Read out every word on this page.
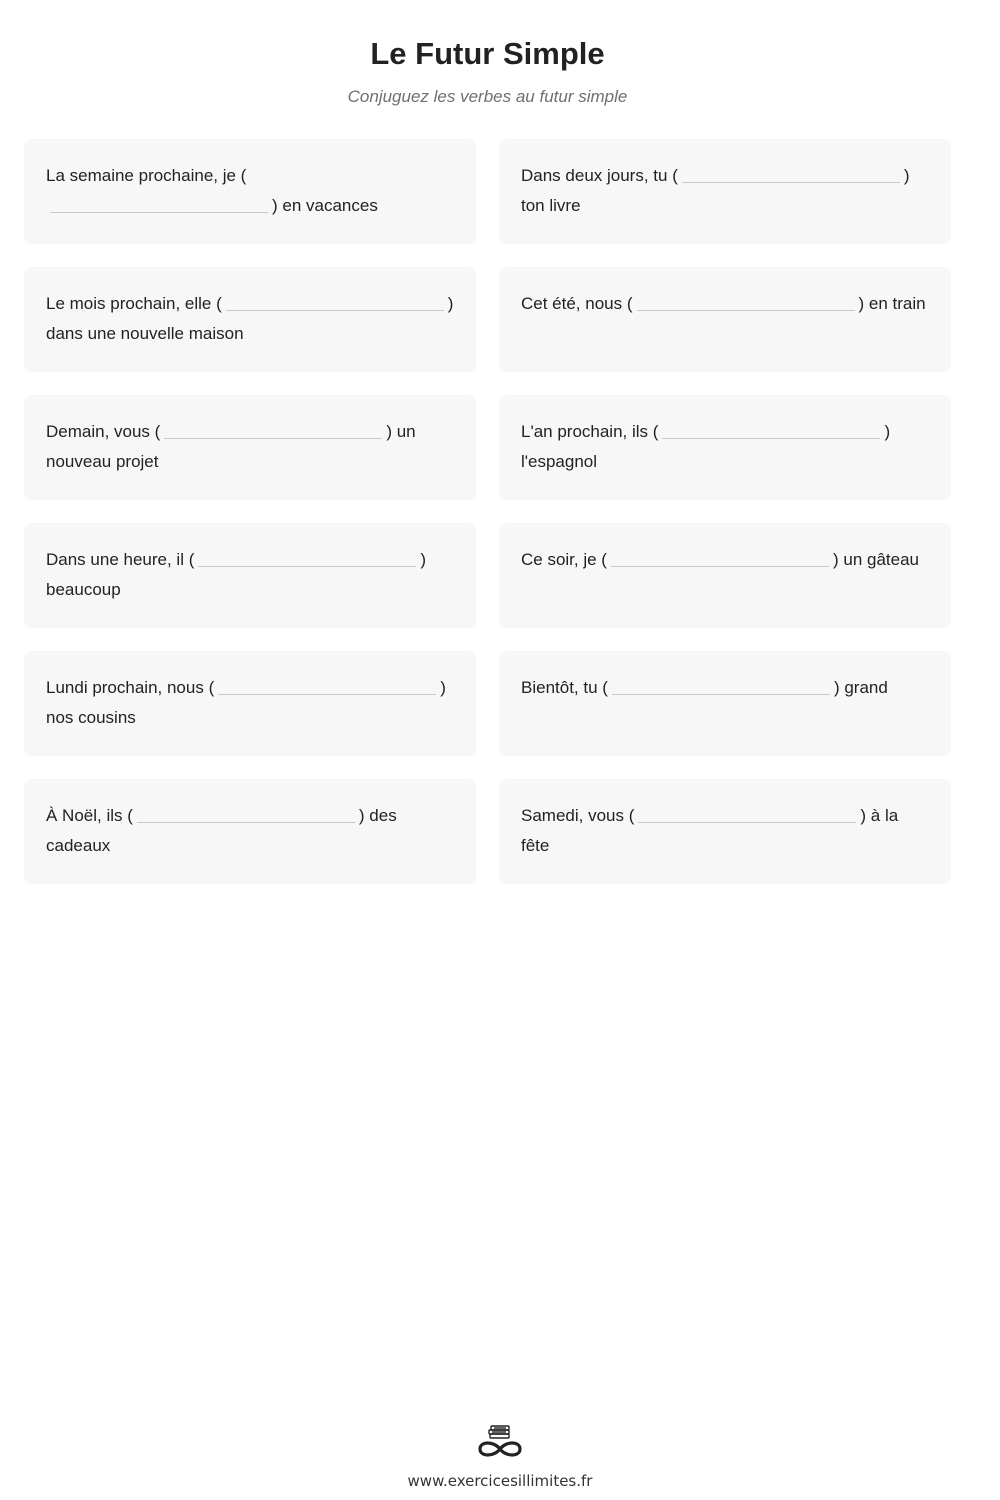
Le Futur Simple

Conjuguez les verbes au futur simple

La semaine prochaine, je () en vacances
Dans deux jours, tu (	) ton livre
Le mois prochain, elle (	) dans une nouvelle maison
Cet été, nous (	) en train
Demain, vous (	) un nouveau projet
L'an prochain, ils (	) l'espagnol
Dans une heure, il (	) beaucoup
Ce soir, je (	) un gâteau
Lundi prochain, nous (	) nos cousins
Bientôt, tu (	) grand
À Noël, ils (	) des cadeaux
Samedi, vous (	) à la fête
www.exercicesillimites.fr
